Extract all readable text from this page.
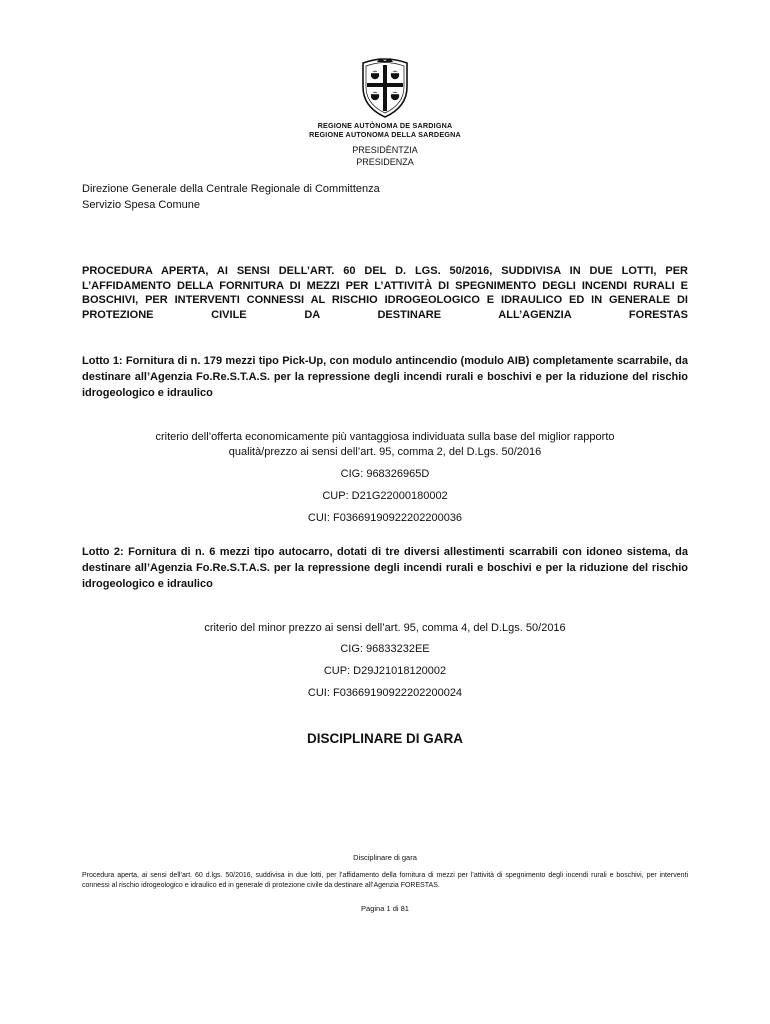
REGIONE AUTÒNOMA DE SARDIGNA
REGIONE AUTONOMA DELLA SARDEGNA
PRESIDÈNTZIA
PRESIDENZA
Direzione Generale della Centrale Regionale di Committenza
Servizio Spesa Comune

PROCEDURA APERTA, AI SENSI DELL’ART. 60 DEL D. LGS. 50/2016, SUDDIVISA IN DUE LOTTI, PER L’AFFIDAMENTO DELLA FORNITURA DI MEZZI PER L’ATTIVITÀ DI SPEGNIMENTO DEGLI INCENDI RURALI E BOSCHIVI, PER INTERVENTI CONNESSI AL RISCHIO IDROGEOLOGICO E IDRAULICO ED IN GENERALE DI PROTEZIONE CIVILE DA DESTINARE ALL’AGENZIA FORESTAS

Lotto 1: Fornitura di n. 179 mezzi tipo Pick-Up, con modulo antincendio (modulo AIB) completamente scarrabile, da destinare all’Agenzia Fo.Re.S.T.A.S. per la repressione degli incendi rurali e boschivi e per la riduzione del rischio idrogeologico e idraulico

criterio dell’offerta economicamente più vantaggiosa individuata sulla base del miglior rapporto

qualità/prezzo ai sensi dell’art. 95, comma 2, del D.Lgs. 50/2016

CIG: 968326965D

CUP: D21G22000180002

CUI: F03669190922202200036

Lotto 2: Fornitura di n. 6 mezzi tipo autocarro, dotati di tre diversi allestimenti scarrabili con idoneo sistema, da destinare all’Agenzia Fo.Re.S.T.A.S. per la repressione degli incendi rurali e boschivi e per la riduzione del rischio idrogeologico e idraulico

criterio del minor prezzo ai sensi dell’art. 95, comma 4, del D.Lgs. 50/2016

CIG: 96833232EE

CUP: D29J21018120002

CUI: F03669190922202200024

DISCIPLINARE DI GARA
Disciplinare di gara

Procedura aperta, ai sensi dell’art. 60 d.lgs. 50/2016, suddivisa in due lotti, per l’affidamento della fornitura di mezzi per l’attività di spegnimento degli incendi rurali e boschivi, per interventi connessi al rischio idrogeologico e idraulico ed in generale di protezione civile da destinare all’Agenzia FORESTAS.

Pagina 1 di 81
